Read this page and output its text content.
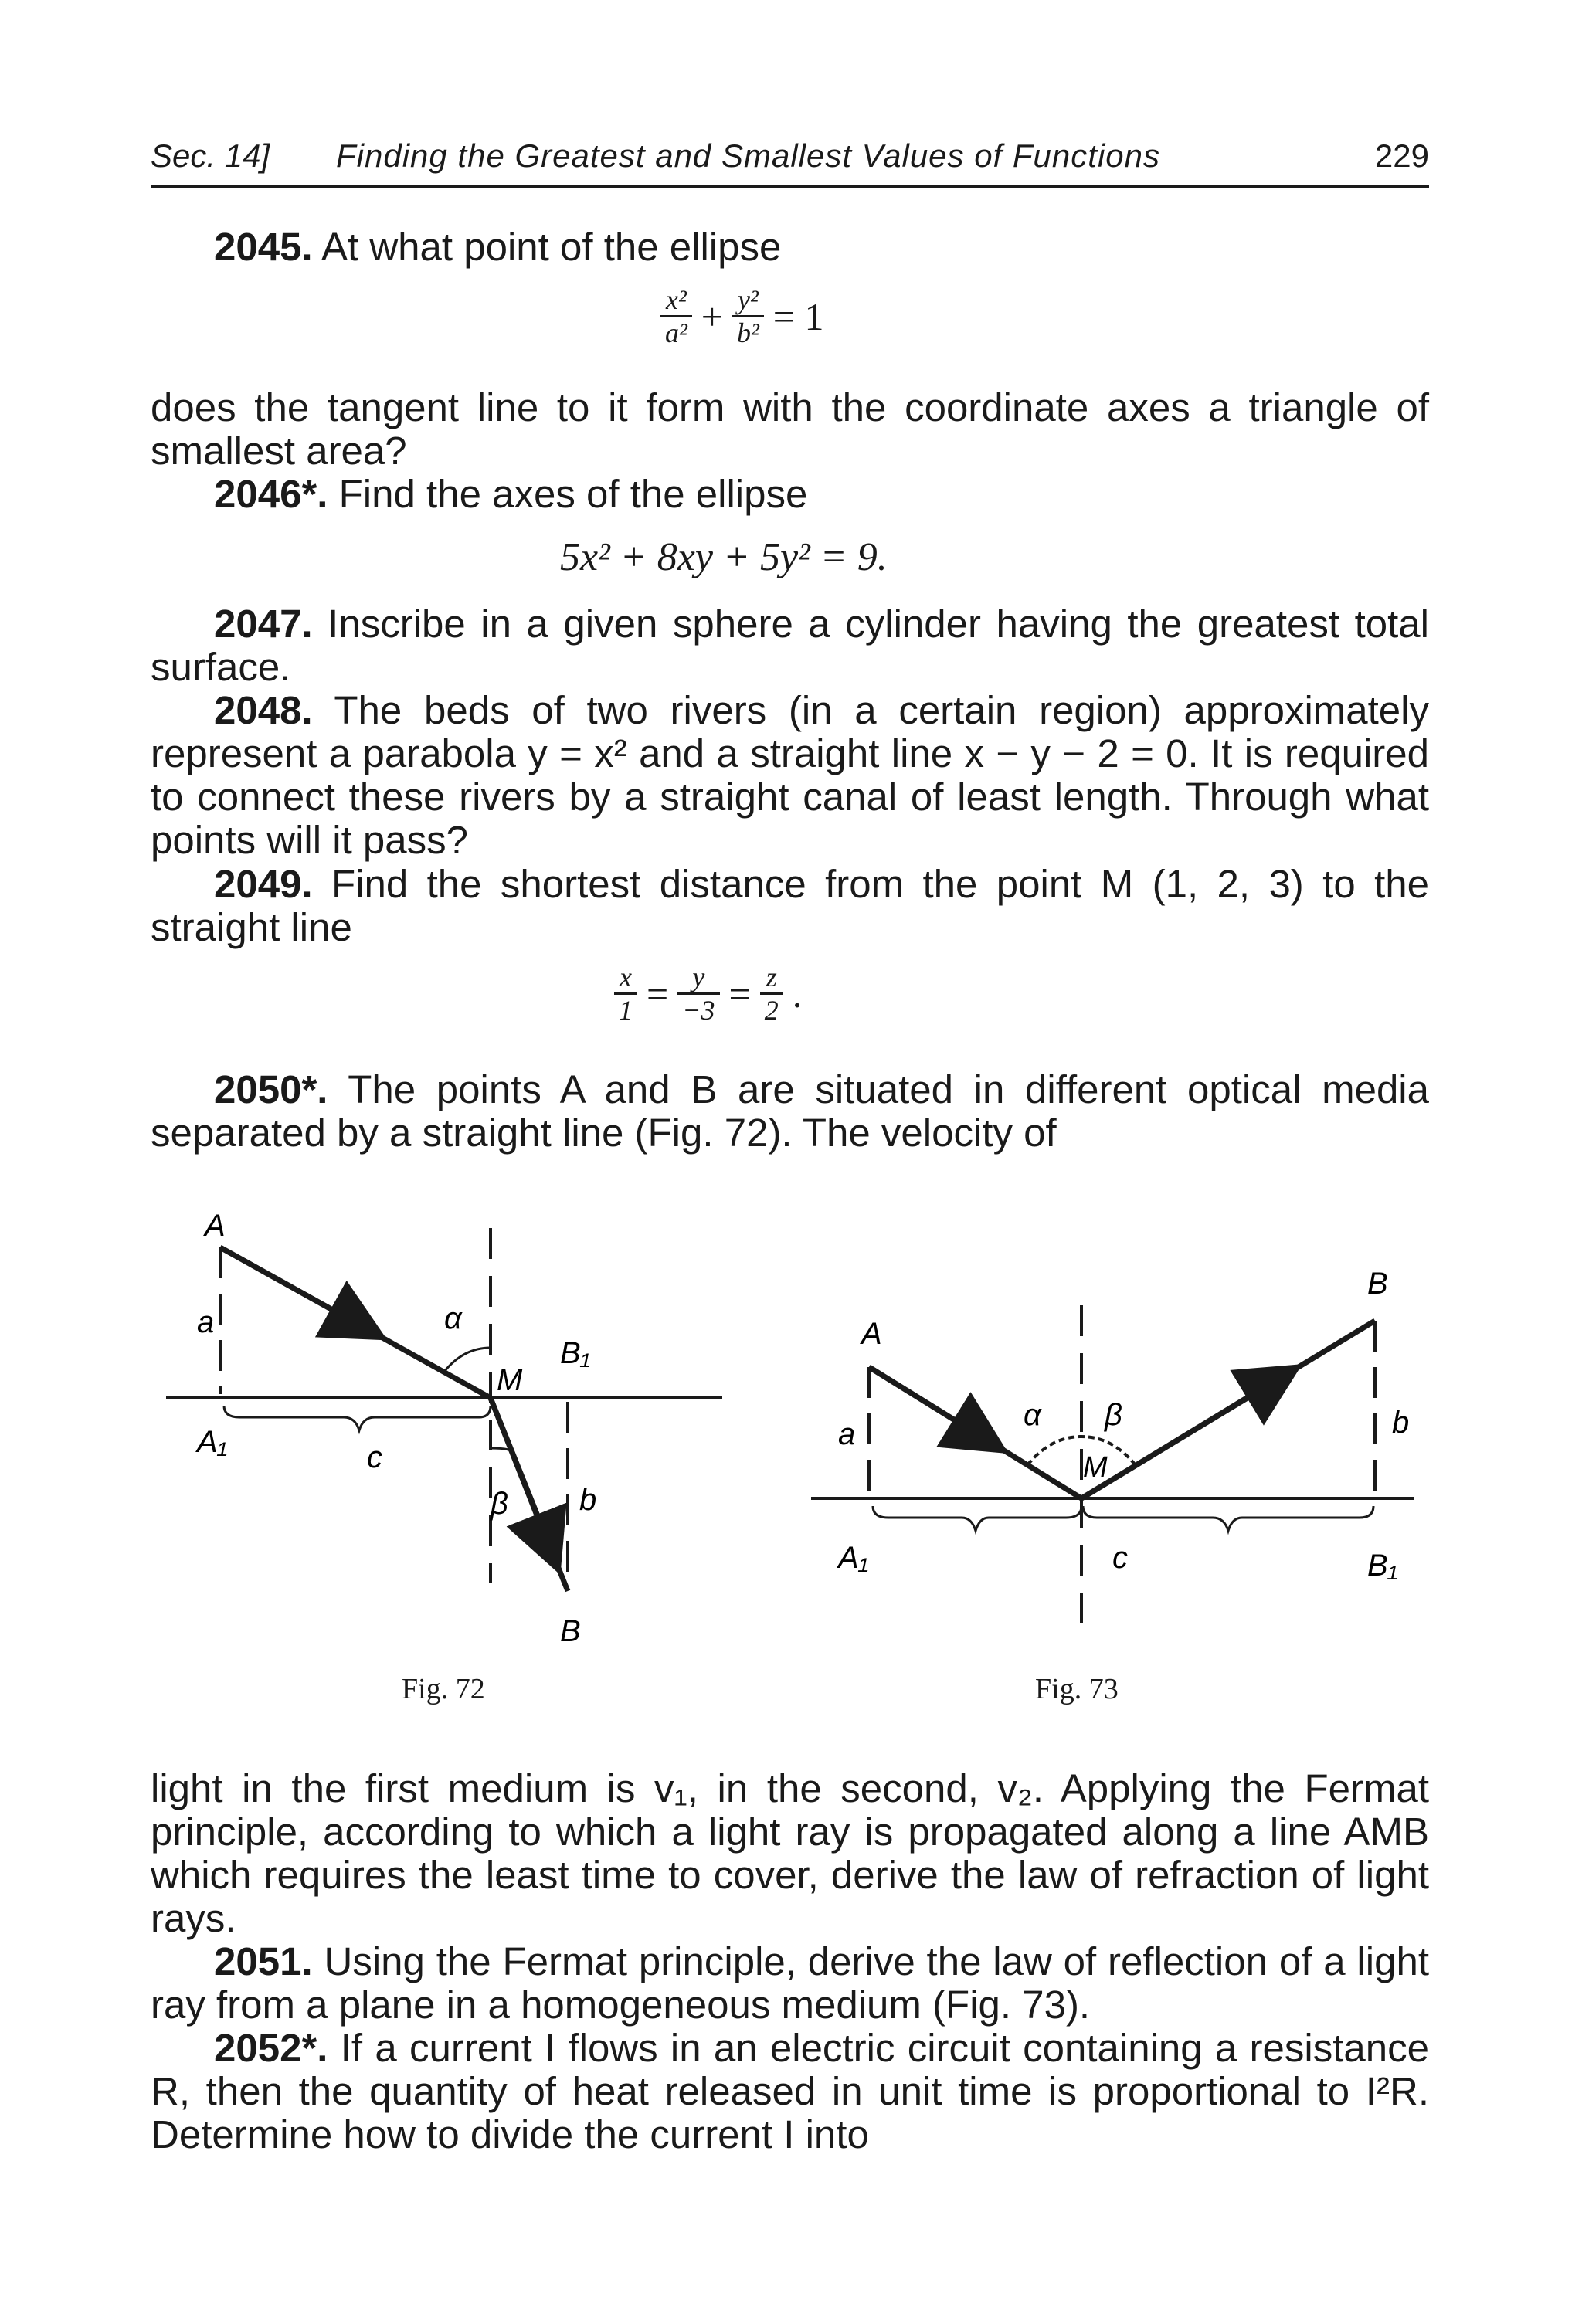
Sec. 14] Finding the Greatest and Smallest Values of Functions	229
2045. At what point of the ellipse
$\frac{\text{x²}}{\text{a²}} + \frac{\text{y²}}{\text{b²}} = 1$
does the tangent line to it form with the coordinate axes a triangle of smallest area?
2046*. Find the axes of the ellipse
5x² + 8xy + 5y² = 9.
2047. Inscribe in a given sphere a cylinder having the greatest total surface.
2048. The beds of two rivers (in a certain region) approximately represent a parabola y = x² and a straight line x − y − 2 = 0. It is required to connect these rivers by a straight canal of least length. Through what points will it pass?
2049. Find the shortest distance from the point M (1, 2, 3) to the straight line
$\frac{x}{1} = \frac{y}{-3} = \frac{z}{2}$ .
2050*. The points A and B are situated in different optical media separated by a straight line (Fig. 72). The velocity of
A
a
A₁
α
M
B₁
c
β b
B
Fig. 72
A
a
A₁
α β
M
B
b
c	B₁
Fig. 73
light in the first medium is v₁, in the second, v₂. Applying the Fermat principle, according to which a light ray is propagated along a line AMB which requires the least time to cover, derive the law of refraction of light rays.
2051. Using the Fermat principle, derive the law of reflection of a light ray from a plane in a homogeneous medium (Fig. 73).
2052*. If a current I flows in an electric circuit containing a resistance R, then the quantity of heat released in unit time is proportional to I²R. Determine how to divide the current I into
